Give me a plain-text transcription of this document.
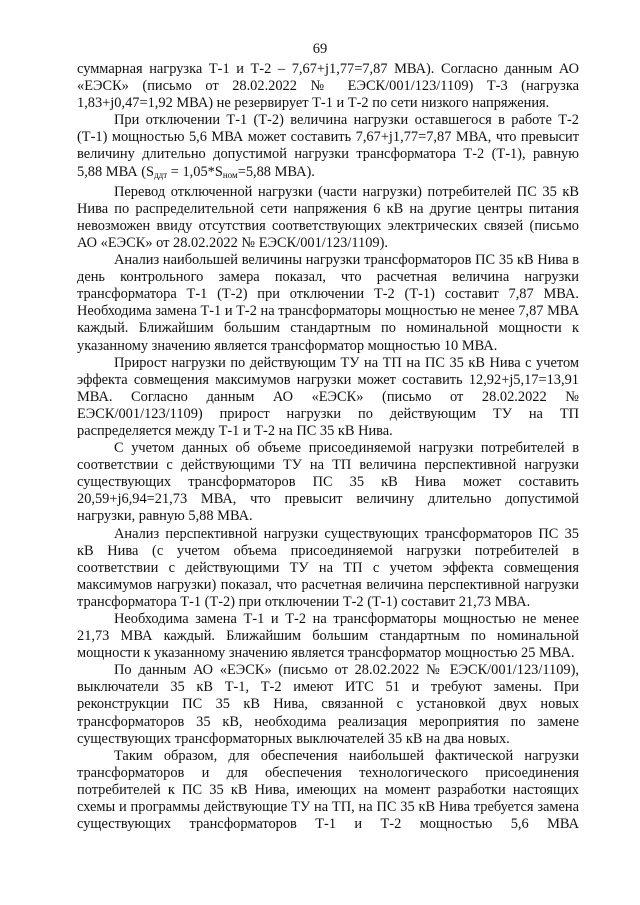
69

суммарная нагрузка Т-1 и Т-2 – 7,67+j1,77=7,87 МВА). Согласно данным АО «ЕЭСК» (письмо от 28.02.2022 № ЕЭСК/001/123/1109) Т-3 (нагрузка 1,83+j0,47=1,92 МВА) не резервирует Т-1 и Т-2 по сети низкого напряжения.

При отключении Т-1 (Т-2) величина нагрузки оставшегося в работе Т-2 (Т-1) мощностью 5,6 МВА может составить 7,67+j1,77=7,87 МВА, что превысит величину длительно допустимой нагрузки трансформатора Т-2 (Т-1), равную 5,88 МВА ($S_{ддт} = 1,05*S_{ном}=5,88$ МВА).

Перевод отключенной нагрузки (части нагрузки) потребителей ПС 35 кВ Нива по распределительной сети напряжения 6 кВ на другие центры питания невозможен ввиду отсутствия соответствующих электрических связей (письмо АО «ЕЭСК» от 28.02.2022 № ЕЭСК/001/123/1109).

Анализ наибольшей величины нагрузки трансформаторов ПС 35 кВ Нива в день контрольного замера показал, что расчетная величина нагрузки трансформатора Т-1 (Т-2) при отключении Т-2 (Т-1) составит 7,87 МВА. Необходима замена Т-1 и Т-2 на трансформаторы мощностью не менее 7,87 МВА каждый. Ближайшим большим стандартным по номинальной мощности к указанному значению является трансформатор мощностью 10 МВА.

Прирост нагрузки по действующим ТУ на ТП на ПС 35 кВ Нива с учетом эффекта совмещения максимумов нагрузки может составить 12,92+j5,17=13,91 МВА. Согласно данным АО «ЕЭСК» (письмо от 28.02.2022 № ЕЭСК/001/123/1109) прирост нагрузки по действующим ТУ на ТП распределяется между Т-1 и Т-2 на ПС 35 кВ Нива.

С учетом данных об объеме присоединяемой нагрузки потребителей в соответствии с действующими ТУ на ТП величина перспективной нагрузки существующих трансформаторов ПС 35 кВ Нива может составить 20,59+j6,94=21,73 МВА, что превысит величину длительно допустимой нагрузки, равную 5,88 МВА.

Анализ перспективной нагрузки существующих трансформаторов ПС 35 кВ Нива (с учетом объема присоединяемой нагрузки потребителей в соответствии с действующими ТУ на ТП с учетом эффекта совмещения максимумов нагрузки) показал, что расчетная величина перспективной нагрузки трансформатора Т-1 (Т-2) при отключении Т-2 (Т-1) составит 21,73 МВА.

Необходима замена Т-1 и Т-2 на трансформаторы мощностью не менее 21,73 МВА каждый. Ближайшим большим стандартным по номинальной мощности к указанному значению является трансформатор мощностью 25 МВА.

По данным АО «ЕЭСК» (письмо от 28.02.2022 № ЕЭСК/001/123/1109), выключатели 35 кВ Т-1, Т-2 имеют ИТС 51 и требуют замены. При реконструкции ПС 35 кВ Нива, связанной с установкой двух новых трансформаторов 35 кВ, необходима реализация мероприятия по замене существующих трансформаторных выключателей 35 кВ на два новых.

Таким образом, для обеспечения наибольшей фактической нагрузки трансформаторов и для обеспечения технологического присоединения потребителей к ПС 35 кВ Нива, имеющих на момент разработки настоящих схемы и программы действующие ТУ на ТП, на ПС 35 кВ Нива требуется замена существующих трансформаторов Т-1 и Т-2 мощностью 5,6 МВА
